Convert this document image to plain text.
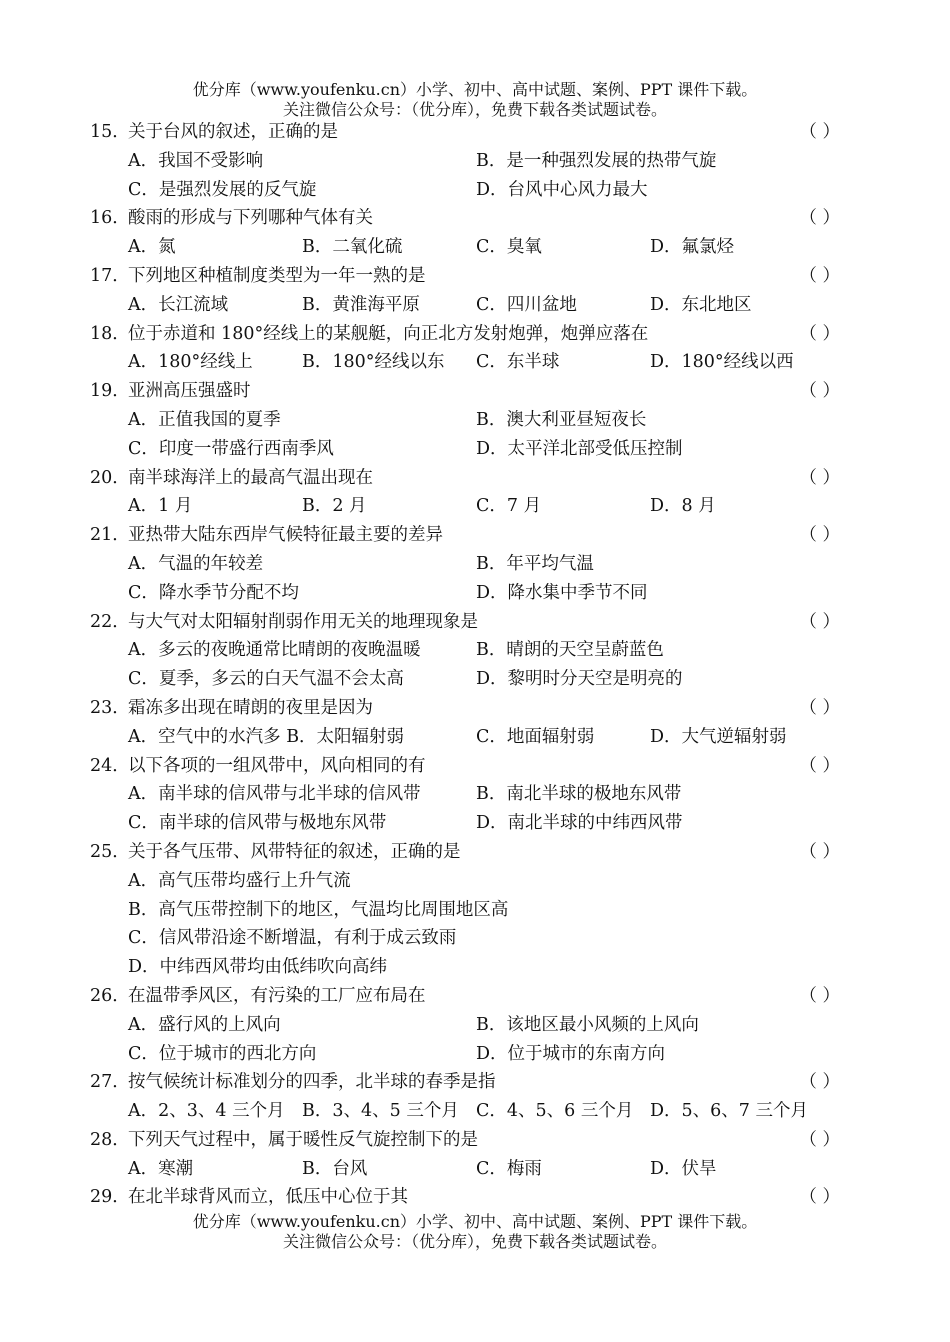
优分库（www.youfenku.cn）小学、初中、高中试题、案例、PPT 课件下载。
关注微信公众号：（优分库），免费下载各类试题试卷。
15．关于台风的叙述，正确的是	（ ）
A．我国不受影响	B．是一种强烈发展的热带气旋
C．是强烈发展的反气旋	D．台风中心风力最大
16．酸雨的形成与下列哪种气体有关	（ ）
A．氮	B．二氧化硫	C．臭氧	D．氟氯烃
17．下列地区种植制度类型为一年一熟的是	（ ）
A．长江流域	B．黄淮海平原	C．四川盆地	D．东北地区
18．位于赤道和 180°经线上的某舰艇，向正北方发射炮弹，炮弹应落在	（ ）
A．180°经线上	B．180°经线以东 C．东半球	D．180°经线以西
19．亚洲高压强盛时	（ ）
A．正值我国的夏季	B．澳大利亚昼短夜长
C．印度一带盛行西南季风	D．太平洋北部受低压控制
20．南半球海洋上的最高气温出现在	（ ）
A．1 月	B．2 月	C．7 月	D．8 月
21．亚热带大陆东西岸气候特征最主要的差异	（ ）
A．气温的年较差	B．年平均气温
C．降水季节分配不均	D．降水集中季节不同
22．与大气对太阳辐射削弱作用无关的地理现象是	（ ）
A．多云的夜晚通常比晴朗的夜晚温暖	B．晴朗的天空呈蔚蓝色
C．夏季，多云的白天气温不会太高	D．黎明时分天空是明亮的
23．霜冻多出现在晴朗的夜里是因为	（ ）
A．空气中的水汽多 B．太阳辐射弱	C．地面辐射弱	D．大气逆辐射弱
24．以下各项的一组风带中，风向相同的有	（ ）
A．南半球的信风带与北半球的信风带	B．南北半球的极地东风带
C．南半球的信风带与极地东风带	D．南北半球的中纬西风带
25．关于各气压带、风带特征的叙述，正确的是	（ ）
A．高气压带均盛行上升气流
B．高气压带控制下的地区，气温均比周围地区高
C．信风带沿途不断增温，有利于成云致雨
D．中纬西风带均由低纬吹向高纬
26．在温带季风区，有污染的工厂应布局在	（ ）
A．盛行风的上风向	B．该地区最小风频的上风向
C．位于城市的西北方向	D．位于城市的东南方向
27．按气候统计标准划分的四季，北半球的春季是指	（ ）
A．2、3、4 三个月 B．3、4、5 三个月 C．4、5、6 三个月 D．5、6、7 三个月
28．下列天气过程中，属于暖性反气旋控制下的是	（ ）
A．寒潮	B．台风	C．梅雨	D．伏旱
29．在北半球背风而立，低压中心位于其	（ ）
优分库（www.youfenku.cn）小学、初中、高中试题、案例、PPT 课件下载。
关注微信公众号：（优分库），免费下载各类试题试卷。
